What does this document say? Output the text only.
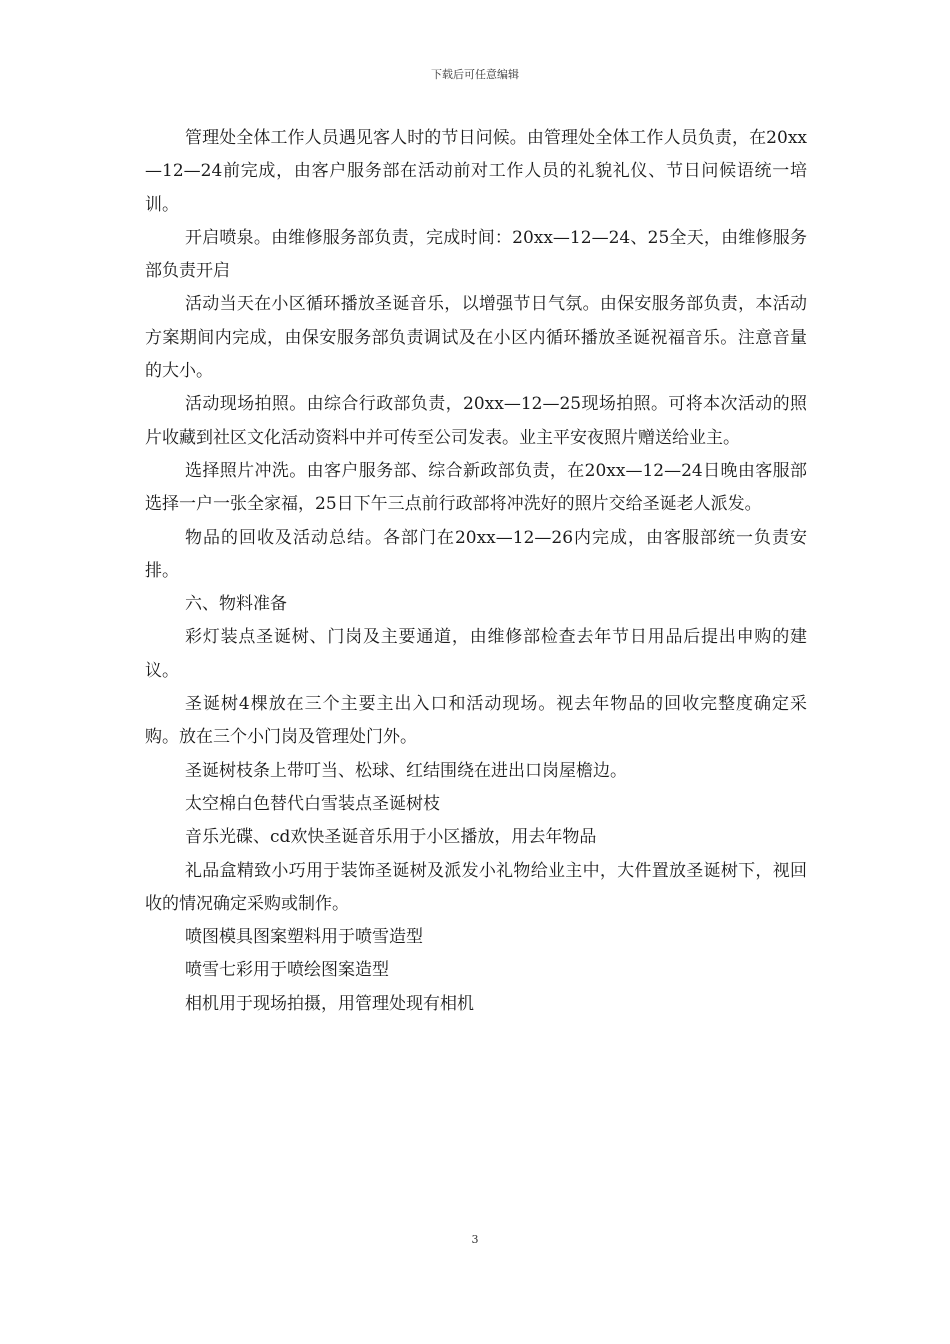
下载后可任意编辑

管理处全体工作人员遇见客人时的节日问候。由管理处全体工作人员负责，在20xx—12—24前完成，由客户服务部在活动前对工作人员的礼貌礼仪、节日问候语统一培训。

开启喷泉。由维修服务部负责，完成时间：20xx—12—24、25全天，由维修服务部负责开启

活动当天在小区循环播放圣诞音乐，以增强节日气氛。由保安服务部负责，本活动方案期间内完成，由保安服务部负责调试及在小区内循环播放圣诞祝福音乐。注意音量的大小。

活动现场拍照。由综合行政部负责，20xx—12—25现场拍照。可将本次活动的照片收藏到社区文化活动资料中并可传至公司发表。业主平安夜照片赠送给业主。

选择照片冲洗。由客户服务部、综合新政部负责，在20xx—12—24日晚由客服部选择一户一张全家福，25日下午三点前行政部将冲洗好的照片交给圣诞老人派发。

物品的回收及活动总结。各部门在20xx—12—26内完成，由客服部统一负责安排。

六、物料准备

彩灯装点圣诞树、门岗及主要通道，由维修部检查去年节日用品后提出申购的建议。

圣诞树4棵放在三个主要主出入口和活动现场。视去年物品的回收完整度确定采购。放在三个小门岗及管理处门外。

圣诞树枝条上带叮当、松球、红结围绕在进出口岗屋檐边。

太空棉白色替代白雪装点圣诞树枝

音乐光碟、cd欢快圣诞音乐用于小区播放，用去年物品

礼品盒精致小巧用于装饰圣诞树及派发小礼物给业主中，大件置放圣诞树下，视回收的情况确定采购或制作。

喷图模具图案塑料用于喷雪造型

喷雪七彩用于喷绘图案造型

相机用于现场拍摄，用管理处现有相机

3
